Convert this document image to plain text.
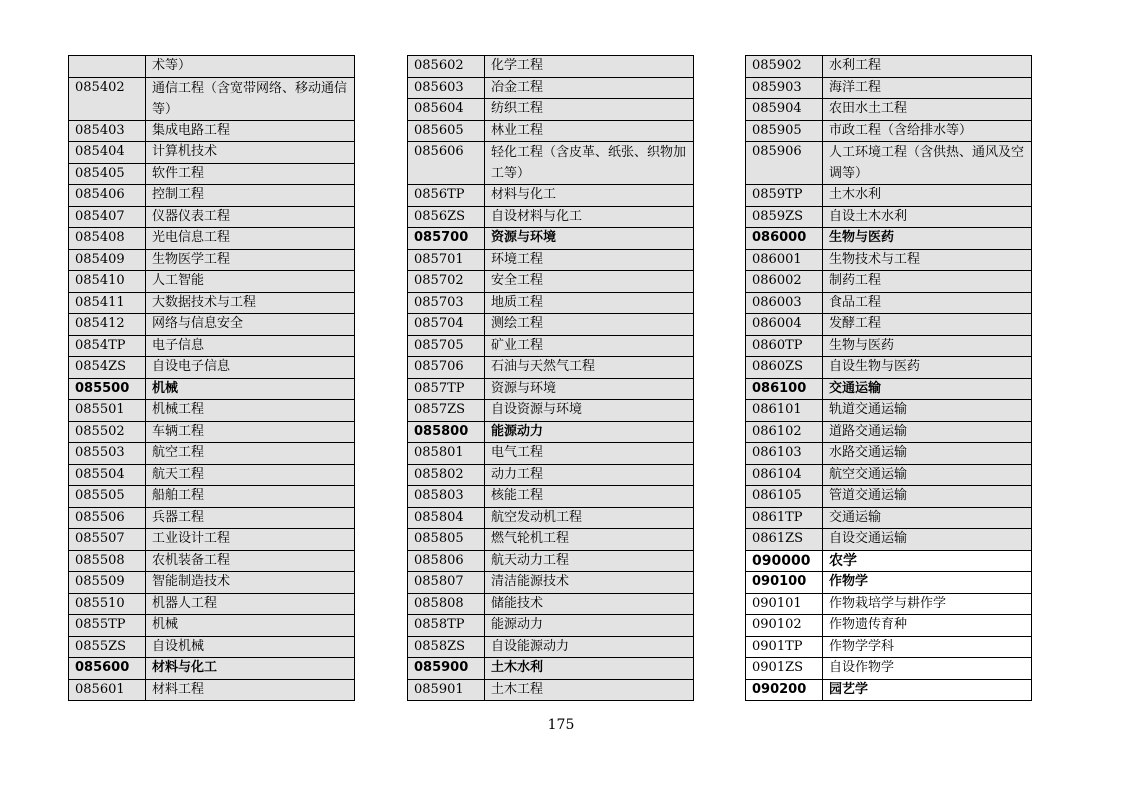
	术等）
085402	通信工程（含宽带网络、移动通信等）
085403	集成电路工程
085404	计算机技术
085405	软件工程
085406	控制工程
085407	仪器仪表工程
085408	光电信息工程
085409	生物医学工程
085410	人工智能
085411	大数据技术与工程
085412	网络与信息安全
0854TP	电子信息
0854ZS	自设电子信息
085500	机械
085501	机械工程
085502	车辆工程
085503	航空工程
085504	航天工程
085505	船舶工程
085506	兵器工程
085507	工业设计工程
085508	农机装备工程
085509	智能制造技术
085510	机器人工程
0855TP	机械
0855ZS	自设机械
085600	材料与化工
085601	材料工程
085602	化学工程
085603	冶金工程
085604	纺织工程
085605	林业工程
085606	轻化工程（含皮革、纸张、织物加工等）
0856TP	材料与化工
0856ZS	自设材料与化工
085700	资源与环境
085701	环境工程
085702	安全工程
085703	地质工程
085704	测绘工程
085705	矿业工程
085706	石油与天然气工程
0857TP	资源与环境
0857ZS	自设资源与环境
085800	能源动力
085801	电气工程
085802	动力工程
085803	核能工程
085804	航空发动机工程
085805	燃气轮机工程
085806	航天动力工程
085807	清洁能源技术
085808	储能技术
0858TP	能源动力
0858ZS	自设能源动力
085900	土木水利
085901	土木工程
085902	水利工程
085903	海洋工程
085904	农田水土工程
085905	市政工程（含给排水等）
085906	人工环境工程（含供热、通风及空调等）
0859TP	土木水利
0859ZS	自设土木水利
086000	生物与医药
086001	生物技术与工程
086002	制药工程
086003	食品工程
086004	发酵工程
0860TP	生物与医药
0860ZS	自设生物与医药
086100	交通运输
086101	轨道交通运输
086102	道路交通运输
086103	水路交通运输
086104	航空交通运输
086105	管道交通运输
0861TP	交通运输
0861ZS	自设交通运输
090000	农学
090100	作物学
090101	作物栽培学与耕作学
090102	作物遗传育种
0901TP	作物学学科
0901ZS	自设作物学
090200	园艺学
175
